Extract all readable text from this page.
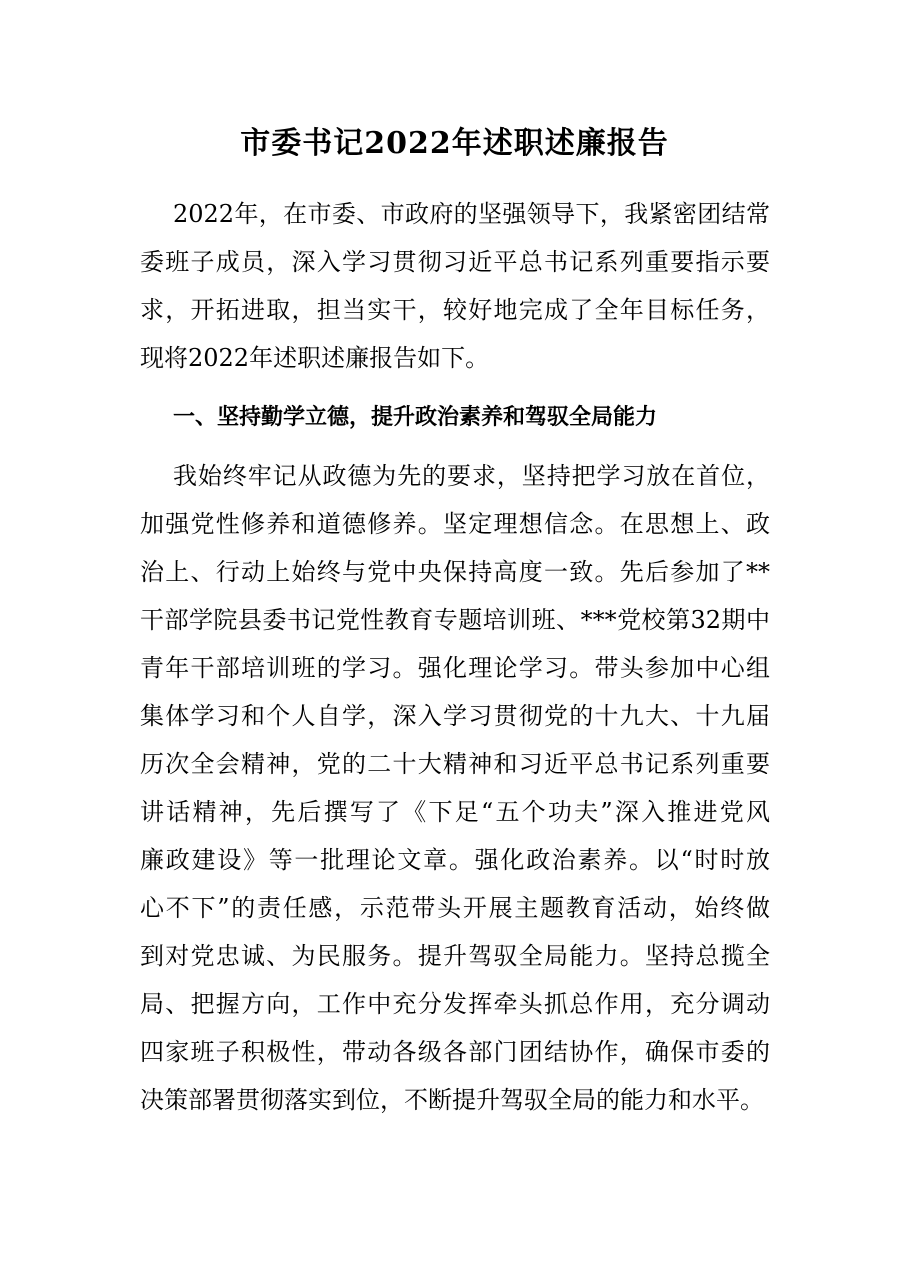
市委书记2022年述职述廉报告

2022年，在市委、市政府的坚强领导下，我紧密团结常

委班子成员，深入学习贯彻习近平总书记系列重要指示要

求，开拓进取，担当实干，较好地完成了全年目标任务，

现将2022年述职述廉报告如下。

一、坚持勤学立德，提升政治素养和驾驭全局能力

我始终牢记从政德为先的要求，坚持把学习放在首位，

加强党性修养和道德修养。坚定理想信念。在思想上、政

治上、行动上始终与党中央保持高度一致。先后参加了**

干部学院县委书记党性教育专题培训班、***党校第32期中

青年干部培训班的学习。强化理论学习。带头参加中心组

集体学习和个人自学，深入学习贯彻党的十九大、十九届

历次全会精神，党的二十大精神和习近平总书记系列重要

讲话精神，先后撰写了《下足“五个功夫”深入推进党风

廉政建设》等一批理论文章。强化政治素养。以“时时放

心不下”的责任感，示范带头开展主题教育活动，始终做

到对党忠诚、为民服务。提升驾驭全局能力。坚持总揽全

局、把握方向，工作中充分发挥牵头抓总作用，充分调动

四家班子积极性，带动各级各部门团结协作，确保市委的

决策部署贯彻落实到位，不断提升驾驭全局的能力和水平。
